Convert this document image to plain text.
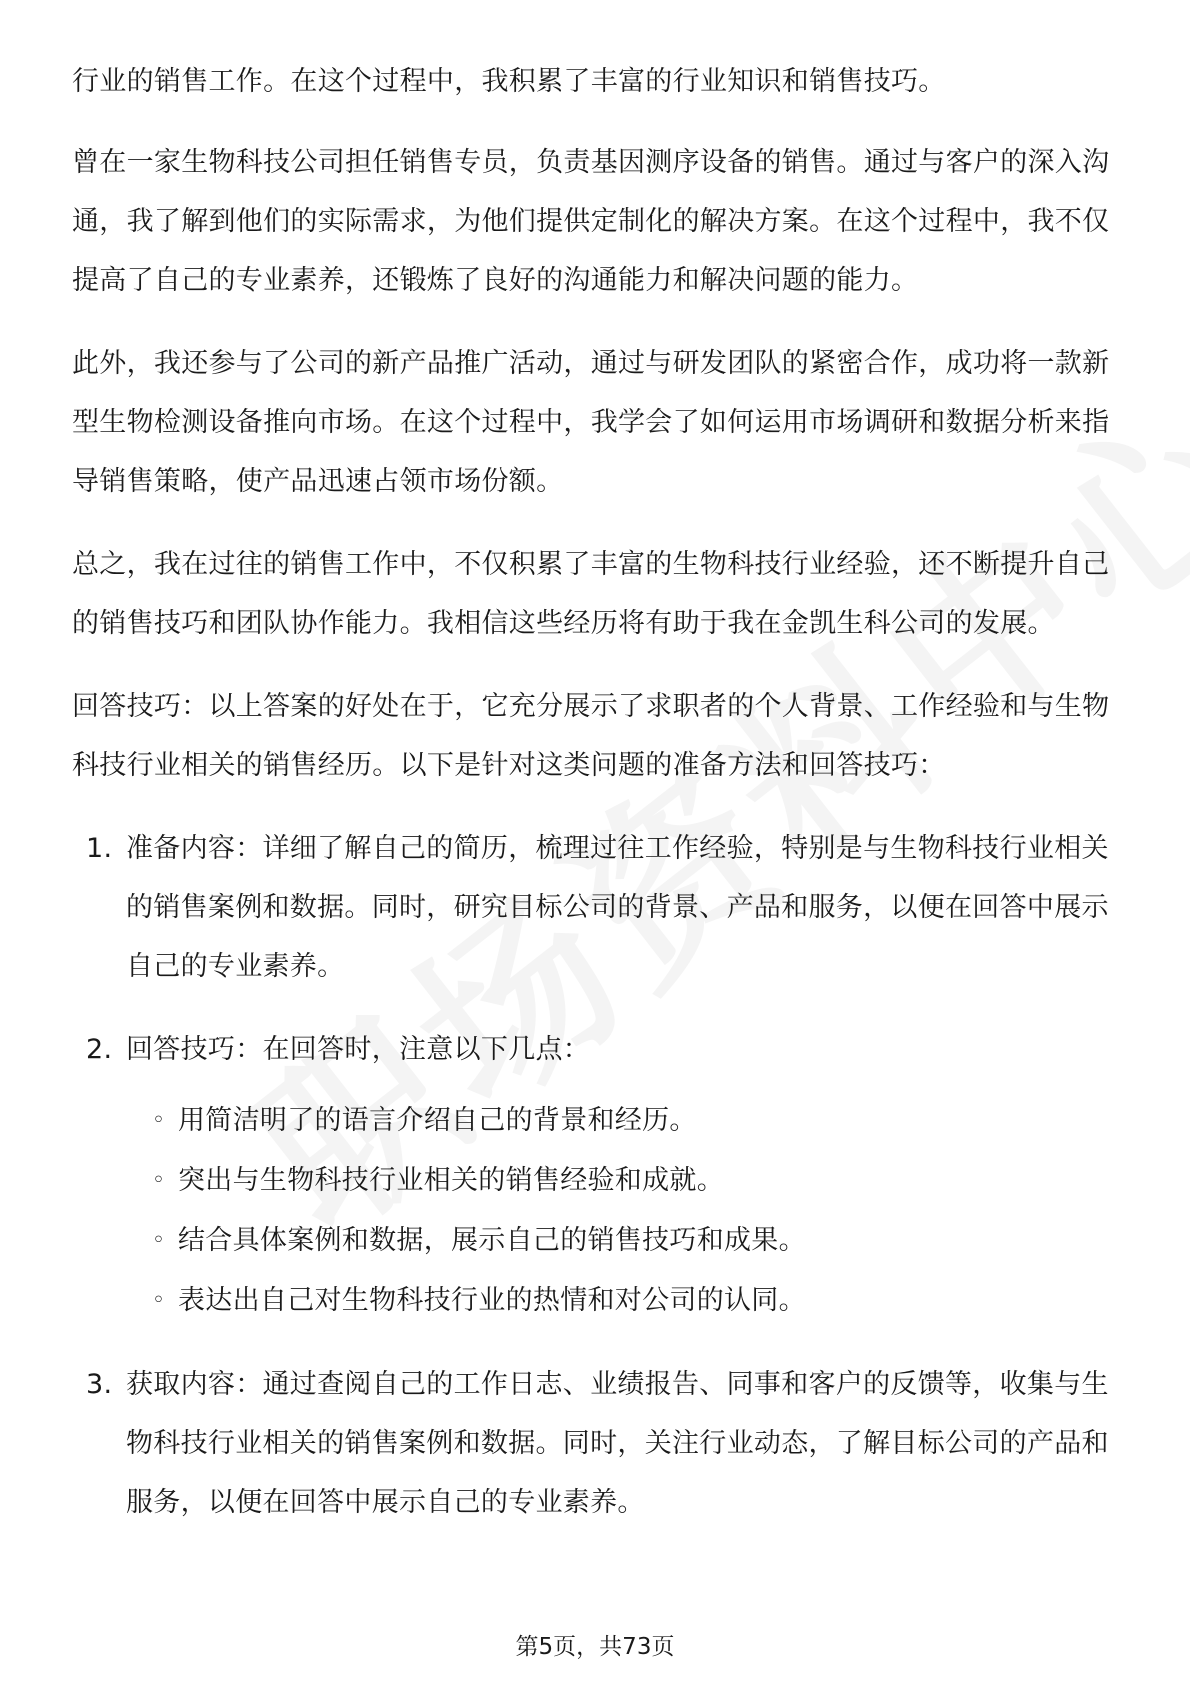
行业的销售工作。在这个过程中，我积累了丰富的行业知识和销售技巧。

曾在一家生物科技公司担任销售专员，负责基因测序设备的销售。通过与客户的深入沟通，我了解到他们的实际需求，为他们提供定制化的解决方案。在这个过程中，我不仅提高了自己的专业素养，还锻炼了良好的沟通能力和解决问题的能力。

此外，我还参与了公司的新产品推广活动，通过与研发团队的紧密合作，成功将一款新型生物检测设备推向市场。在这个过程中，我学会了如何运用市场调研和数据分析来指导销售策略，使产品迅速占领市场份额。

总之，我在过往的销售工作中，不仅积累了丰富的生物科技行业经验，还不断提升自己的销售技巧和团队协作能力。我相信这些经历将有助于我在金凯生科公司的发展。

回答技巧：以上答案的好处在于，它充分展示了求职者的个人背景、工作经验和与生物科技行业相关的销售经历。以下是针对这类问题的准备方法和回答技巧：

1. 准备内容：详细了解自己的简历，梳理过往工作经验，特别是与生物科技行业相关的销售案例和数据。同时，研究目标公司的背景、产品和服务，以便在回答中展示自己的专业素养。
2. 回答技巧：在回答时，注意以下几点：
◦ 用简洁明了的语言介绍自己的背景和经历。
◦ 突出与生物科技行业相关的销售经验和成就。
◦ 结合具体案例和数据，展示自己的销售技巧和成果。
◦ 表达出自己对生物科技行业的热情和对公司的认同。
3. 获取内容：通过查阅自己的工作日志、业绩报告、同事和客户的反馈等，收集与生物科技行业相关的销售案例和数据。同时，关注行业动态，了解目标公司的产品和服务，以便在回答中展示自己的专业素养。
第5页，共73页
